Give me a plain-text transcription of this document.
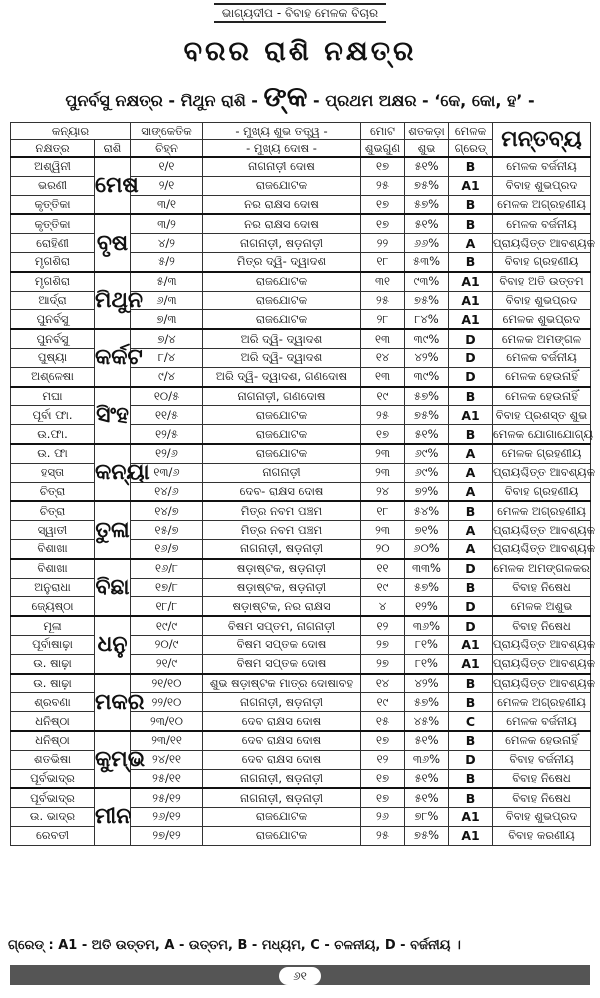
ଭାଗ୍ୟଦୀପ - ବିବାହ ମେଳକ ବିଚାର
ବରର ରାଶି ନକ୍ଷତ୍ର
ପୁନର୍ବସୁ ନକ୍ଷତ୍ର - ମିଥୁନ ରାଶି - ଙ୍କ - ପ୍ରଥମ ଅକ୍ଷର - ‘କେ, କୋ, ହ’ -
କନ୍ୟାର		ସାଙ୍କେତିକ	- ମୁଖ୍ୟ ଶୁଭ ତତ୍ତ୍ୱ -	ମୋଟ	ଶତକଡ଼ା	ମେଳକ	ମନ୍ତବ୍ୟ
ନକ୍ଷତ୍ର	ରାଶି	ଚିହ୍ନ	- ମୁଖ୍ୟ ଦୋଷ -	ଶୁଭଗୁଣ	ଶୁଭ	ଗ୍ରେଡ୍	
ଅଶ୍ୱିନୀ	ମେଷ	୧/୧	ନାଗନାଡ଼ୀ ଦୋଷ	୧୭	୫୧%	B	ମେଳକ ବର୍ଜନୀୟ
ଭରଣୀ		୨/୧	ରାଜଯୋଟକ	୨୫	୭୫%	A1	ବିବାହ ଶୁଭପ୍ରଦ
କୃତ୍ତିକା		୩/୧	ନର ରାକ୍ଷସ ଦୋଷ	୧୭	୫୭%	B	ମେଳକ ଅଗ୍ରହଣୀୟ
କୃତ୍ତିକା	ବୃଷ	୩/୨	ନର ରାକ୍ଷସ ଦୋଷ	୧୭	୫୧%	B	ମେଳକ ବର୍ଜନୀୟ
ରୋହିଣୀ		୪/୨	ନାଗନାଡ଼ୀ, ଷଡ଼ନାଡ଼ୀ	୨୨	୬୬%	A	ପ୍ରାୟଶ୍ଚିତ୍ତ ଆବଶ୍ୟକ
ମୃଗଶିରା		୫/୨	ମିତ୍ର ଦ୍ୱି- ଦ୍ୱାଦଶ	୧୮	୫୩%	B	ବିବାହ ଗ୍ରହଣୀୟ
ମୃଗଶିରା	ମିଥୁନ	୫/୩	ରାଜଯୋଟକ	୩୧	୯୩%	A1	ବିବାହ ଅତି ଉତ୍ତମ
ଆର୍ଦ୍ରା		୬/୩	ରାଜଯୋଟକ	୨୫	୭୫%	A1	ବିବାହ ଶୁଭପ୍ରଦ
ପୁନର୍ବସୁ		୭/୩	ରାଜଯୋଟକ	୨୮	୮୪%	A1	ମେଳକ ଶୁଭପ୍ରଦ
ପୁନର୍ବସୁ	କର୍କଟ	୭/୪	ଅରି ଦ୍ୱି- ଦ୍ୱାଦଶ	୧୩	୩୯%	D	ମେଳକ ଅମଙ୍ଗଳ
ପୁଷ୍ୟା		୮/୪	ଅରି ଦ୍ୱି- ଦ୍ୱାଦଶ	୧୪	୪୨%	D	ମେଳକ ବର୍ଜନୀୟ
ଅଶ୍ଳେଷା		୯/୪	ଅରି ଦ୍ୱି- ଦ୍ୱାଦଶ, ଗଣଦୋଷ	୧୩	୩୯%	D	ମେଳକ ହେଉନାହିଁ
ମଘା	ସିଂହ	୧୦/୫	ନାଗନାଡ଼ୀ, ଗଣଦୋଷ	୧୯	୫୭%	B	ମେଳକ ହେଉନାହିଁ
ପୂର୍ବା ଫା.		୧୧/୫	ରାଜଯୋଟକ	୨୫	୭୫%	A1	ବିବାହ ପ୍ରଶସ୍ତ ଶୁଭ
ଉ.ଫା.		୧୨/୫	ରାଜଯୋଟକ	୧୭	୫୧%	B	ମେଳକ ଯୋଗାଯୋଗ୍ୟ
ଉ. ଫା	କନ୍ୟା	୧୨/୬	ରାଜଯୋଟକ	୨୩	୬୯%	A	ମେଳକ ଗ୍ରହଣୀୟ
ହସ୍ତା		୧୩/୬	ନାଗନାଡ଼ୀ	୨୩	୬୯%	A	ପ୍ରାୟଶ୍ଚିତ୍ତ ଆବଶ୍ୟକ
ଚିତ୍ରା		୧୪/୬	ଦେବ- ରାକ୍ଷସ ଦୋଷ	୨୪	୭୨%	A	ବିବାହ ଗ୍ରହଣୀୟ
ଚିତ୍ରା	ତୁଳା	୧୪/୭	ମିତ୍ର ନବମ ପଞ୍ଚମ	୧୮	୫୪%	B	ମେଳକ ଅଗ୍ରହଣୀୟ
ସ୍ୱାତୀ		୧୫/୭	ମିତ୍ର ନବମ ପଞ୍ଚମ	୨୩	୭୧%	A	ପ୍ରାୟଶ୍ଚିତ୍ତ ଆବଶ୍ୟକ
ବିଶାଖା		୧୬/୭	ନାଗନାଡ଼ୀ, ଷଡ଼ନାଡ଼ୀ	୨୦	୬୦%	A	ପ୍ରାୟଶ୍ଚିତ୍ତ ଆବଶ୍ୟକ
ବିଶାଖା	ବିଛା	୧୬/୮	ଷଡ଼ାଷ୍ଟକ, ଷଡ଼ନାଡ଼ୀ	୧୧	୩୩%	D	ମେଳକ ଅମଙ୍ଗଳକର
ଅନୁରାଧା		୧୭/୮	ଷଡ଼ାଷ୍ଟକ, ଷଡ଼ନାଡ଼ୀ	୧୯	୫୭%	B	ବିବାହ ନିଷେଧ
ଜ୍ୟେଷ୍ଠା		୧୮/୮	ଷଡ଼ାଷ୍ଟକ, ନର ରାକ୍ଷସ	୪	୧୨%	D	ମେଳକ ଅଶୁଭ
ମୂଳା	ଧନୁ	୧୯/୯	ବିଷମ ସପ୍ତମ, ନାଗନାଡ଼ୀ	୧୨	୩୬%	D	ବିବାହ ନିଷେଧ
ପୂର୍ବାଷାଢ଼ା		୨୦/୯	ବିଷମ ସପ୍ତକ ଦୋଷ	୨୭	୮୧%	A1	ପ୍ରାୟଶ୍ଚିତ୍ତ ଆବଶ୍ୟକ
ଉ. ଷାଢ଼ା		୨୧/୯	ବିଷମ ସପ୍ତକ ଦୋଷ	୨୭	୮୧%	A1	ପ୍ରାୟଶ୍ଚିତ୍ତ ଆବଶ୍ୟକ
ଉ. ଷାଢ଼ା	ମକର	୨୧/୧୦	ଶୁଭ ଷଡ଼ାଷ୍ଟକ ମାତ୍ର ଦୋଷାବହ	୧୪	୪୨%	B	ପ୍ରାୟଶ୍ଚିତ୍ତ ଆବଶ୍ୟକ
ଶ୍ରବଣା		୨୨/୧୦	ନାଗନାଡ଼ୀ, ଷଡ଼ନାଡ଼ୀ	୧୯	୫୭%	B	ମେଳକ ଅଗ୍ରହଣୀୟ
ଧନିଷ୍ଠା		୨୩/୧୦	ଦେବ ରାକ୍ଷସ ଦୋଷ	୧୫	୪୫%	C	ମେଳକ ବର୍ଜନୀୟ
ଧନିଷ୍ଠା	କୁମ୍ଭ	୨୩/୧୧	ଦେବ ରାକ୍ଷସ ଦୋଷ	୧୭	୫୧%	B	ମେଳକ ହେଉନାହିଁ
ଶତଭିଷା		୨୪/୧୧	ଦେବ ରାକ୍ଷସ ଦୋଷ	୧୨	୩୬%	D	ବିବାହ ବର୍ଜନୀୟ
ପୂର୍ବଭାଦ୍ର		୨୫/୧୧	ନାଗନାଡ଼ୀ, ଷଡ଼ନାଡ଼ୀ	୧୭	୫୧%	B	ବିବାହ ନିଷେଧ
ପୂର୍ବଭାଦ୍ର	ମୀନ	୨୫/୧୨	ନାଗନାଡ଼ୀ, ଷଡ଼ନାଡ଼ୀ	୧୭	୫୧%	B	ବିବାହ ନିଷେଧ
ଉ. ଭାଦ୍ର		୨୬/୧୨	ରାଜଯୋଟକ	୨୬	୭୮%	A1	ବିବାହ ଶୁଭପ୍ରଦ
ରେବତୀ		୨୭/୧୨	ରାଜଯୋଟକ	୨୫	୭୫%	A1	ବିବାହ କରଣୀୟ
ଗ୍ରେଡ୍ : A1 - ଅତି ଉତ୍ତମ, A - ଉତ୍ତମ, B - ମଧ୍ୟମ, C - ଚଳନୀୟ, D - ବର୍ଜନୀୟ ।
୬୧
